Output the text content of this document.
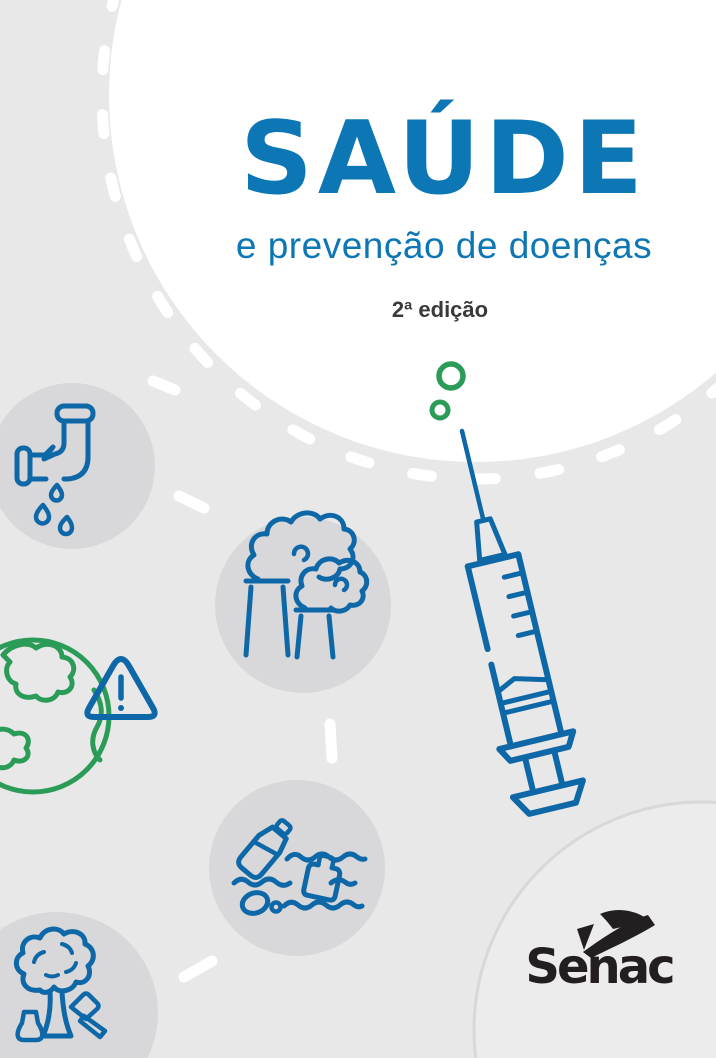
SAÚDE
e prevenção de doenças
2ª edição
Senac
